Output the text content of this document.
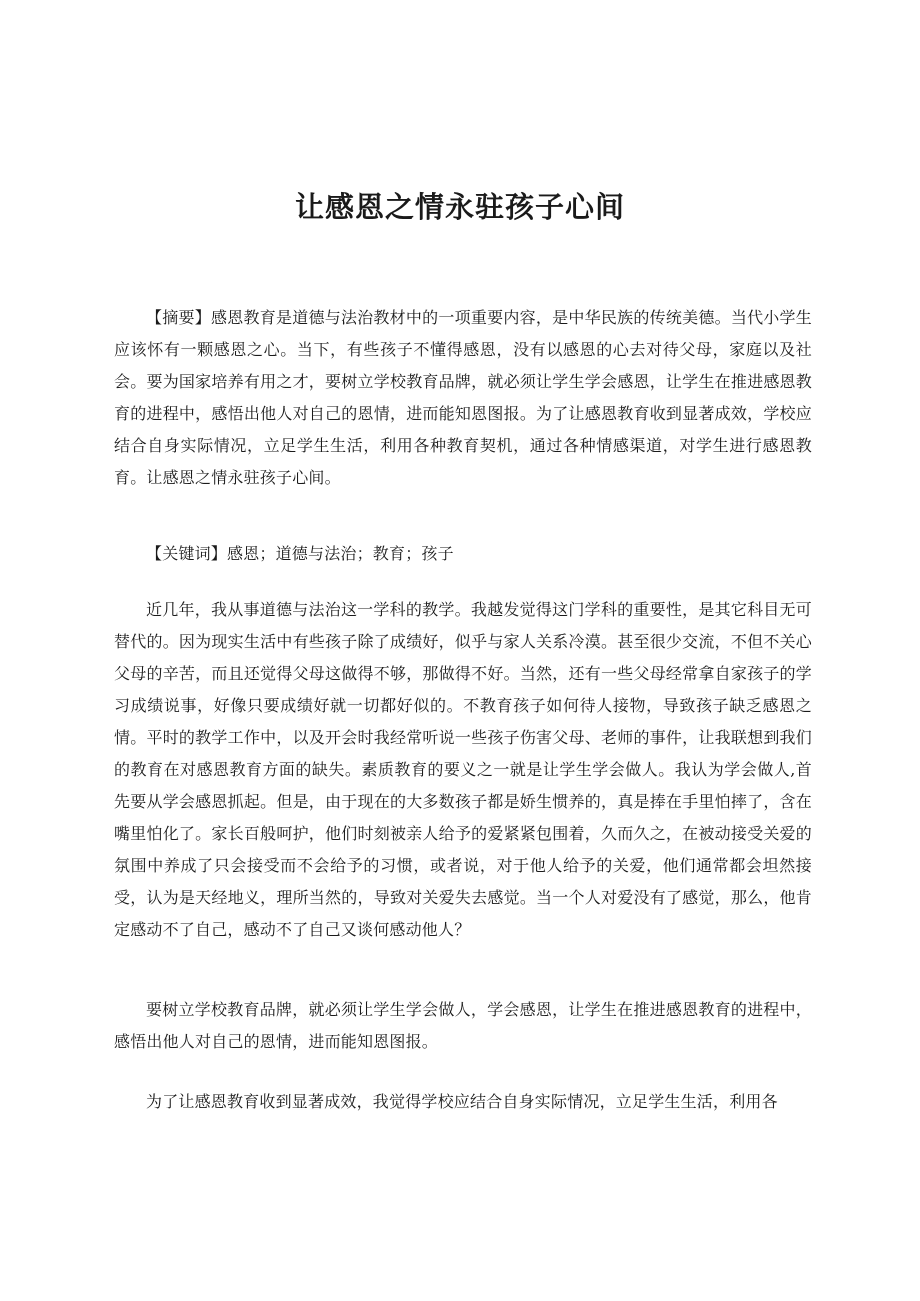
让感恩之情永驻孩子心间

【摘要】感恩教育是道德与法治教材中的一项重要内容，是中华民族的传统美德。当代小学生应该怀有一颗感恩之心。当下，有些孩子不懂得感恩，没有以感恩的心去对待父母，家庭以及社会。要为国家培养有用之才，要树立学校教育品牌，就必须让学生学会感恩，让学生在推进感恩教育的进程中，感悟出他人对自己的恩情，进而能知恩图报。为了让感恩教育收到显著成效，学校应结合自身实际情况，立足学生生活，利用各种教育契机，通过各种情感渠道，对学生进行感恩教育。让感恩之情永驻孩子心间。

【关键词】感恩；道德与法治；教育；孩子

近几年，我从事道德与法治这一学科的教学。我越发觉得这门学科的重要性，是其它科目无可替代的。因为现实生活中有些孩子除了成绩好，似乎与家人关系冷漠。甚至很少交流，不但不关心父母的辛苦，而且还觉得父母这做得不够，那做得不好。当然，还有一些父母经常拿自家孩子的学习成绩说事，好像只要成绩好就一切都好似的。不教育孩子如何待人接物，导致孩子缺乏感恩之情。平时的教学工作中，以及开会时我经常听说一些孩子伤害父母、老师的事件，让我联想到我们的教育在对感恩教育方面的缺失。素质教育的要义之一就是让学生学会做人。我认为学会做人,首先要从学会感恩抓起。但是，由于现在的大多数孩子都是娇生惯养的，真是捧在手里怕摔了，含在嘴里怕化了。家长百般呵护，他们时刻被亲人给予的爱紧紧包围着，久而久之，在被动接受关爱的氛围中养成了只会接受而不会给予的习惯，或者说，对于他人给予的关爱，他们通常都会坦然接受，认为是天经地义，理所当然的，导致对关爱失去感觉。当一个人对爱没有了感觉，那么，他肯定感动不了自己，感动不了自己又谈何感动他人？

要树立学校教育品牌，就必须让学生学会做人，学会感恩，让学生在推进感恩教育的进程中，感悟出他人对自己的恩情，进而能知恩图报。

为了让感恩教育收到显著成效，我觉得学校应结合自身实际情况，立足学生生活，利用各
